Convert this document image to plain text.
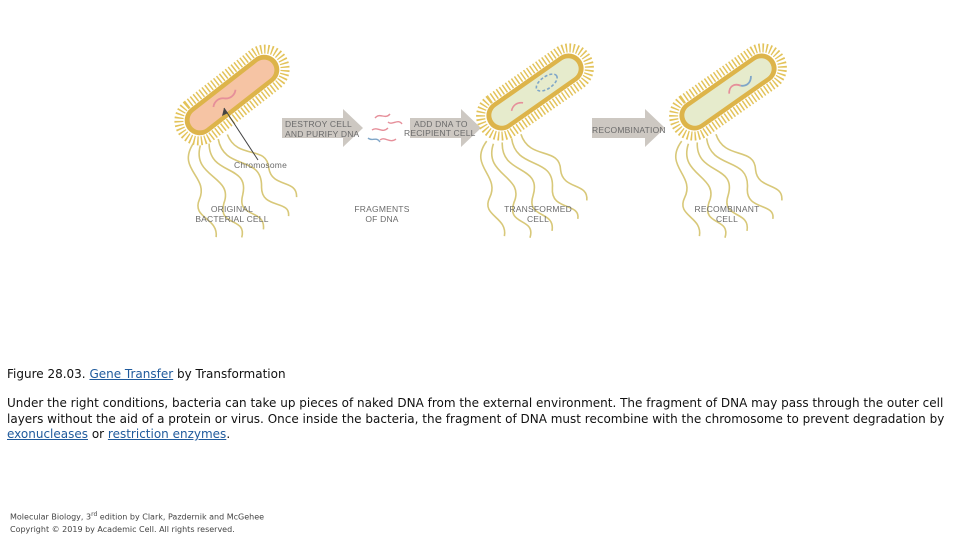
Chromosome
DESTROY CELL
AND PURIFY DNA
ADD DNA TO
RECIPIENT CELL	RECOMBINATION
ORIGINAL
BACTERIAL CELL
FRAGMENTS
OF DNA
TRANSFORMED
CELL
RECOMBINANT
CELL

Figure 28.03. Gene Transfer by Transformation

Under the right conditions, bacteria can take up pieces of naked DNA from the external environment. The fragment of DNA may pass through the outer cell layers without the aid of a protein or virus. Once inside the bacteria, the fragment of DNA must recombine with the chromosome to prevent degradation by exonucleases or restriction enzymes.

Molecular Biology, 3rd edition by Clark, Pazdernik and McGehee
Copyright © 2019 by Academic Cell. All rights reserved.
